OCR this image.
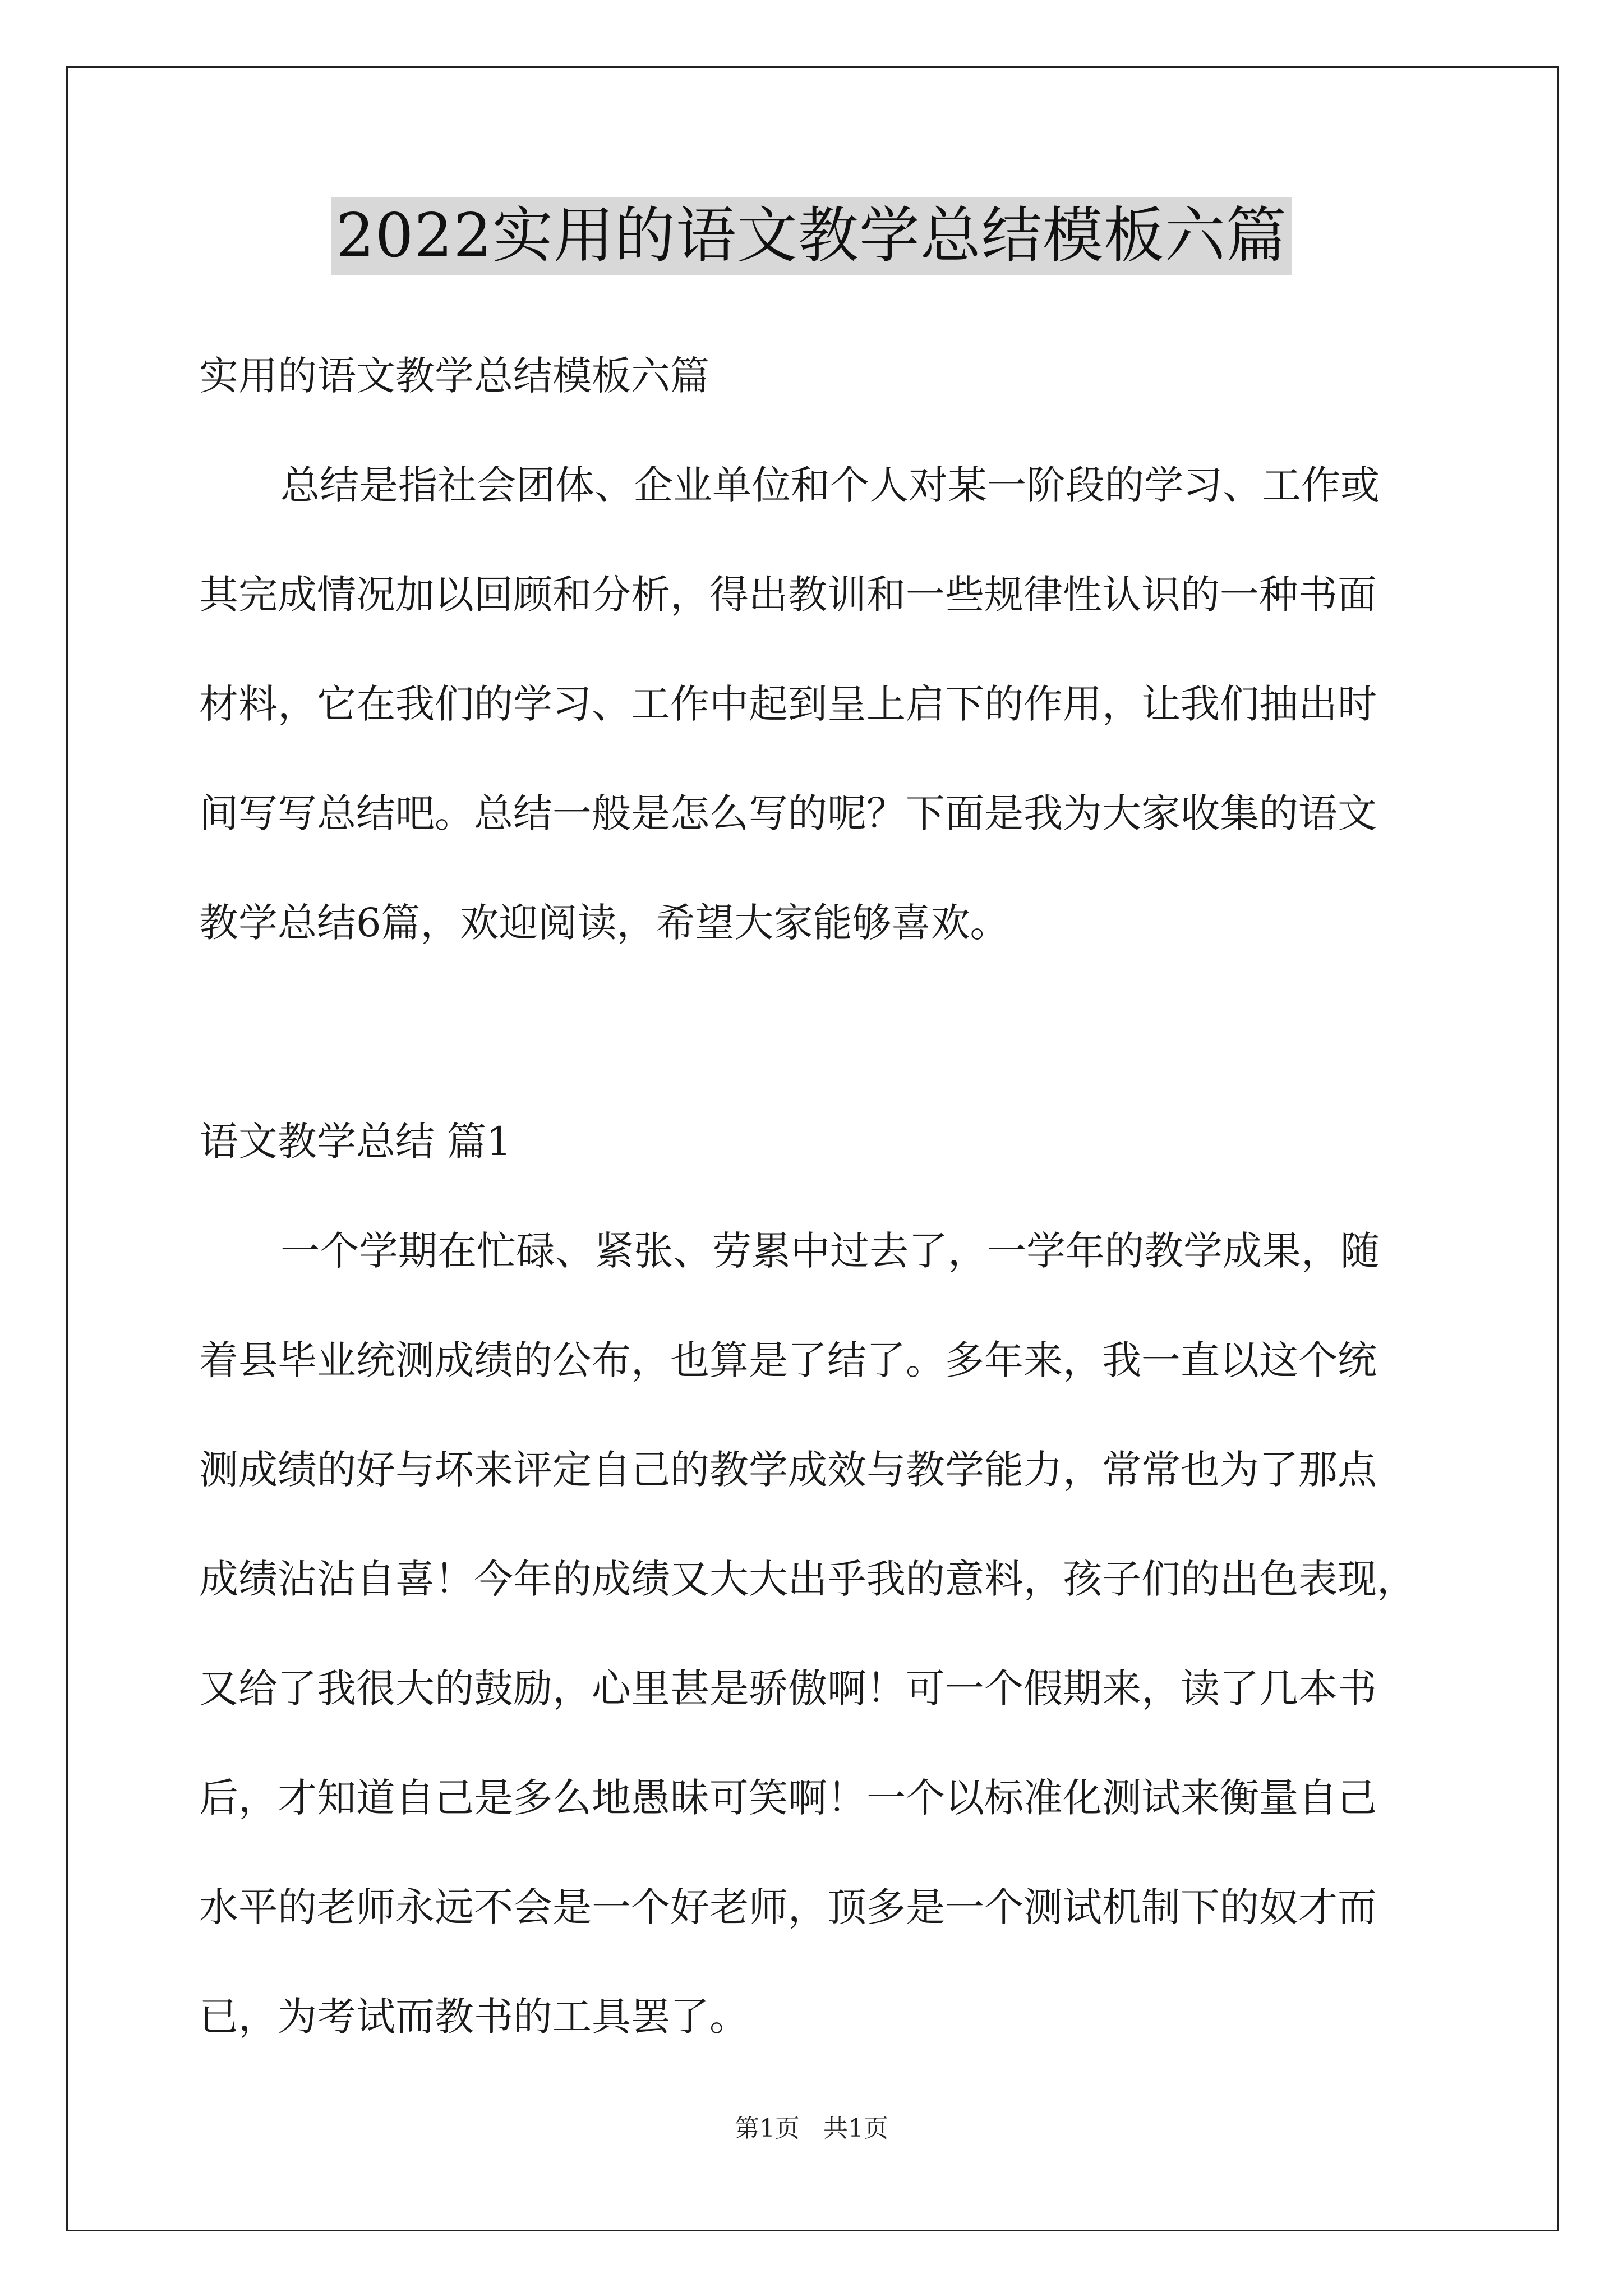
2022实用的语文教学总结模板六篇

实用的语文教学总结模板六篇

总结是指社会团体、企业单位和个人对某一阶段的学习、工作或

其完成情况加以回顾和分析，得出教训和一些规律性认识的一种书面

材料，它在我们的学习、工作中起到呈上启下的作用，让我们抽出时

间写写总结吧。总结一般是怎么写的呢？下面是我为大家收集的语文

教学总结6篇，欢迎阅读，希望大家能够喜欢。

语文教学总结 篇1

一个学期在忙碌、紧张、劳累中过去了，一学年的教学成果，随

着县毕业统测成绩的公布，也算是了结了。多年来，我一直以这个统

测成绩的好与坏来评定自己的教学成效与教学能力，常常也为了那点

成绩沾沾自喜！今年的成绩又大大出乎我的意料，孩子们的出色表现，

又给了我很大的鼓励，心里甚是骄傲啊！可一个假期来，读了几本书

后，才知道自己是多么地愚昧可笑啊！一个以标准化测试来衡量自己

水平的老师永远不会是一个好老师，顶多是一个测试机制下的奴才而

已，为考试而教书的工具罢了。

第1页   共1页
